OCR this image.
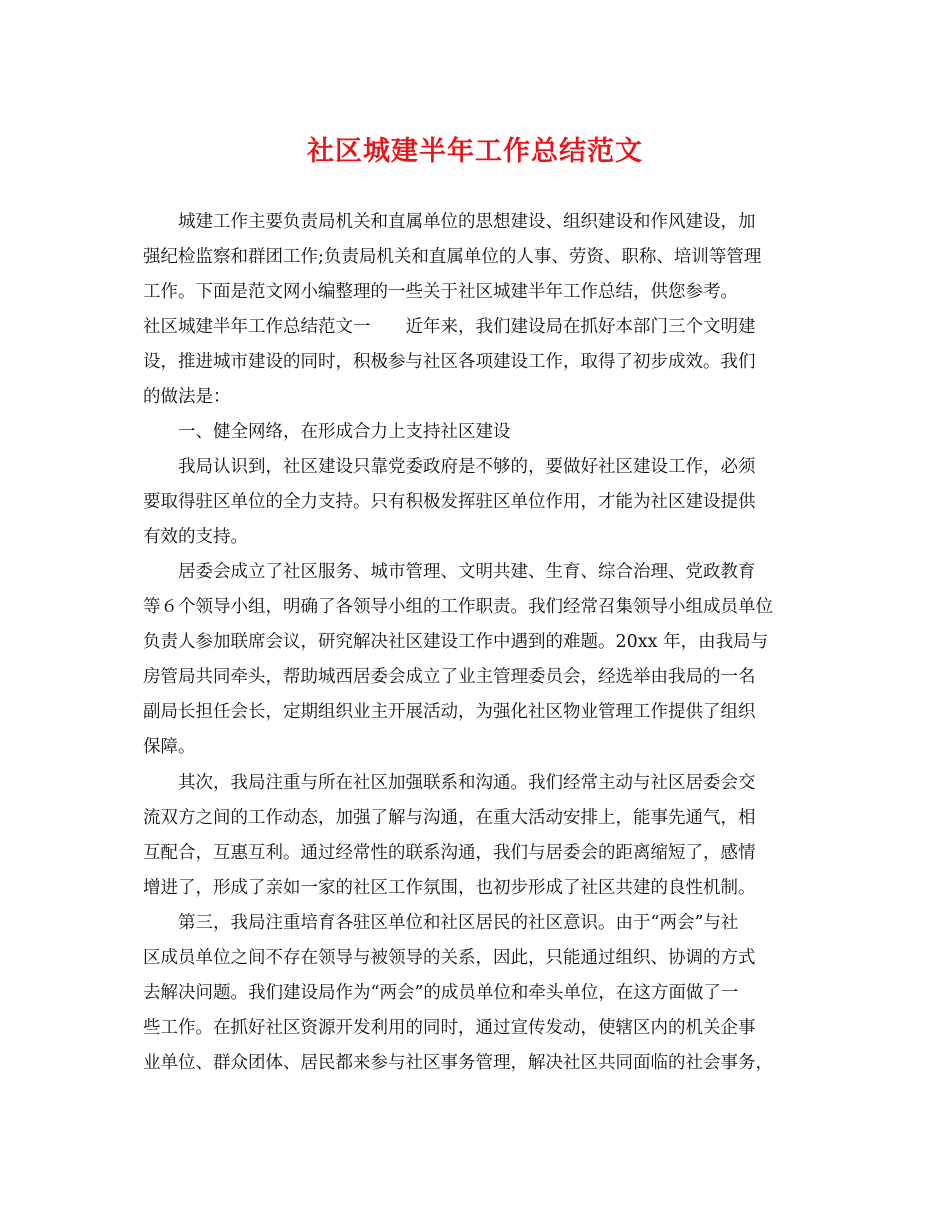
社区城建半年工作总结范文
城建工作主要负责局机关和直属单位的思想建设、组织建设和作风建设，加
强纪检监察和群团工作;负责局机关和直属单位的人事、劳资、职称、培训等管理
工作。下面是范文网小编整理的一些关于社区城建半年工作总结，供您参考。
社区城建半年工作总结范文一　　近年来，我们建设局在抓好本部门三个文明建
设，推进城市建设的同时，积极参与社区各项建设工作，取得了初步成效。我们
的做法是：
一、健全网络，在形成合力上支持社区建设
我局认识到，社区建设只靠党委政府是不够的，要做好社区建设工作，必须
要取得驻区单位的全力支持。只有积极发挥驻区单位作用，才能为社区建设提供
有效的支持。
居委会成立了社区服务、城市管理、文明共建、生育、综合治理、党政教育
等６个领导小组，明确了各领导小组的工作职责。我们经常召集领导小组成员单位
负责人参加联席会议，研究解决社区建设工作中遇到的难题。20xx 年，由我局与
房管局共同牵头，帮助城西居委会成立了业主管理委员会，经选举由我局的一名
副局长担任会长，定期组织业主开展活动，为强化社区物业管理工作提供了组织
保障。
其次，我局注重与所在社区加强联系和沟通。我们经常主动与社区居委会交
流双方之间的工作动态，加强了解与沟通，在重大活动安排上，能事先通气，相
互配合，互惠互利。通过经常性的联系沟通，我们与居委会的距离缩短了，感情
增进了，形成了亲如一家的社区工作氛围，也初步形成了社区共建的良性机制。
第三，我局注重培育各驻区单位和社区居民的社区意识。由于“两会”与社
区成员单位之间不存在领导与被领导的关系，因此，只能通过组织、协调的方式
去解决问题。我们建设局作为“两会”的成员单位和牵头单位，在这方面做了一
些工作。在抓好社区资源开发利用的同时，通过宣传发动，使辖区内的机关企事
业单位、群众团体、居民都来参与社区事务管理，解决社区共同面临的社会事务，
